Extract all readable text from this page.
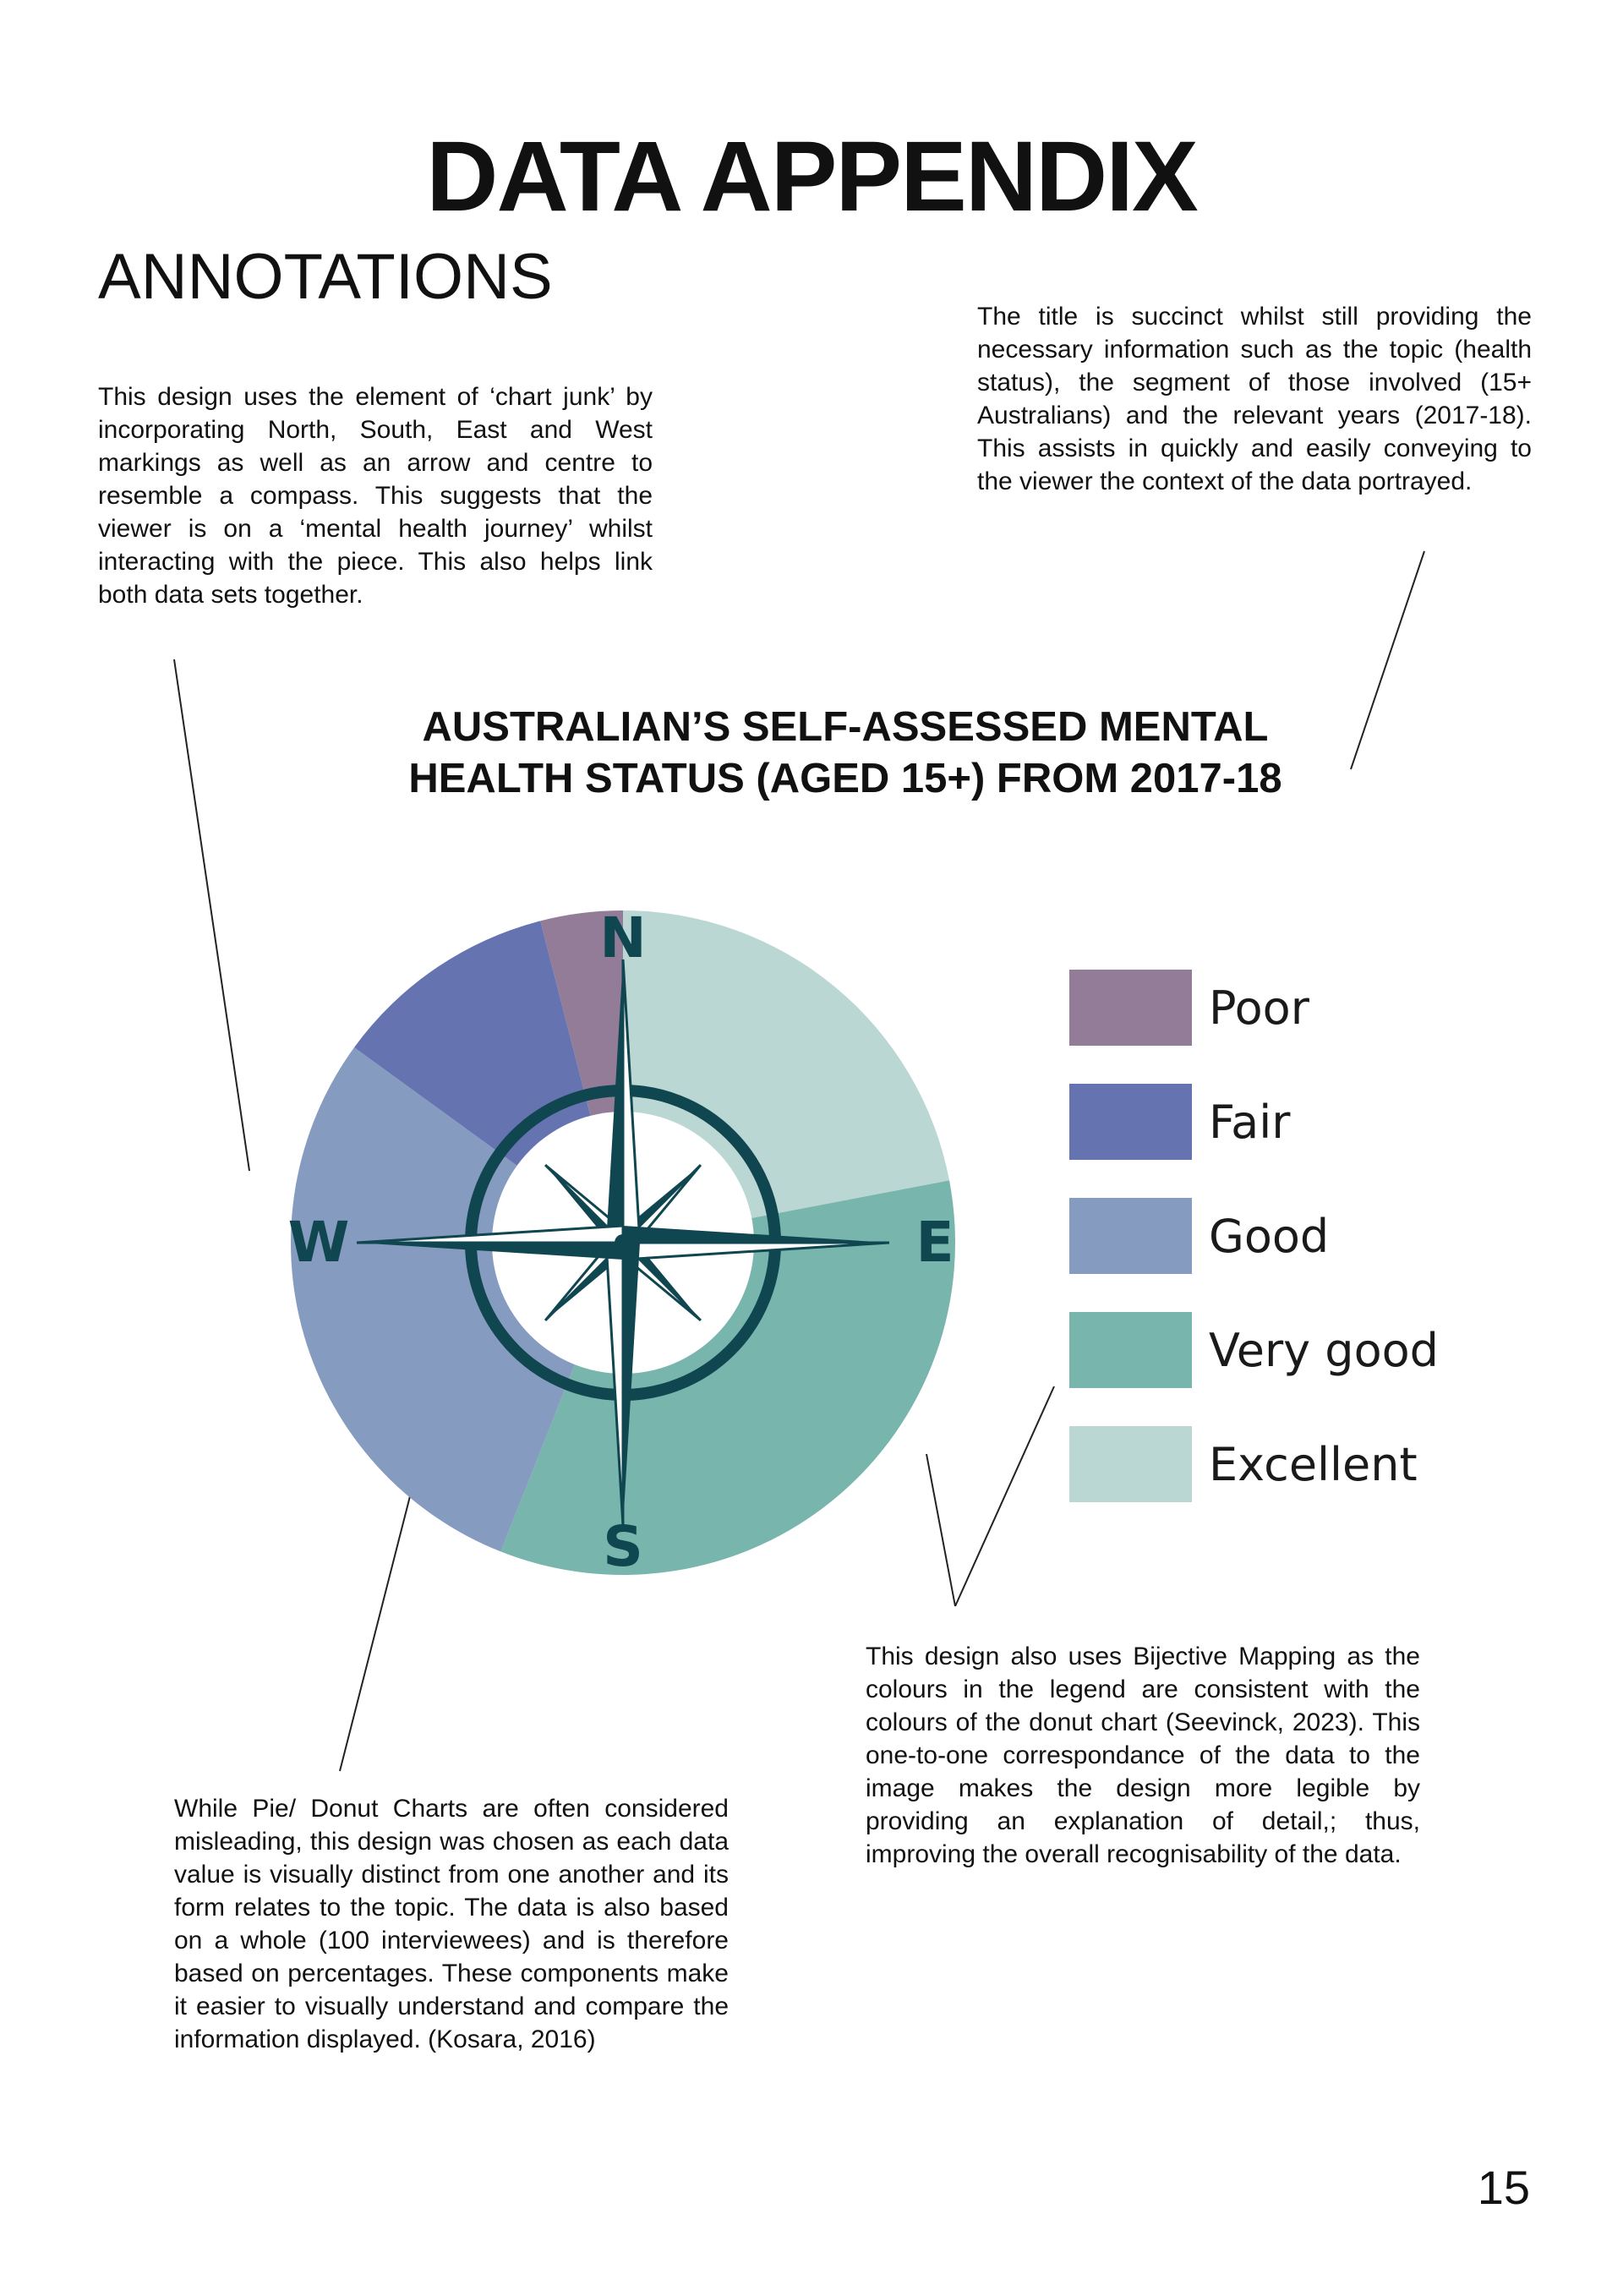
DATA APPENDIX
ANNOTATIONS

This design uses the element of ‘chart junk’ by incorporating North, South, East and West markings as well as an arrow and centre to resemble a compass. This suggests that the viewer is on a ‘mental health journey’ whilst interacting with the piece. This also helps link both data sets together.

The title is succinct whilst still providing the necessary information such as the topic (health status), the segment of those involved (15+ Australians) and the relevant years (2017-18). This assists in quickly and easily conveying to the viewer the context of the data portrayed.

This design also uses Bijective Mapping as the colours in the legend are consistent with the colours of the donut chart (Seevinck, 2023). This one-to-one correspondance of the data to the image makes the design more legible by providing an explanation of detail,; thus, improving the overall recognisability of the data.

While Pie/ Donut Charts are often considered misleading, this design was chosen as each data value is visually distinct from one another and its form relates to the topic. The data is also based on a whole (100 interviewees) and is therefore based on percentages. These components make it easier to visually understand and compare the information displayed. (Kosara, 2016)

AUSTRALIAN’S SELF-ASSESSED MENTAL HEALTH STATUS (AGED 15+) FROM 2017-18
Poor
Fair
Good
Very good
Excellent
N
E
S
W
15
